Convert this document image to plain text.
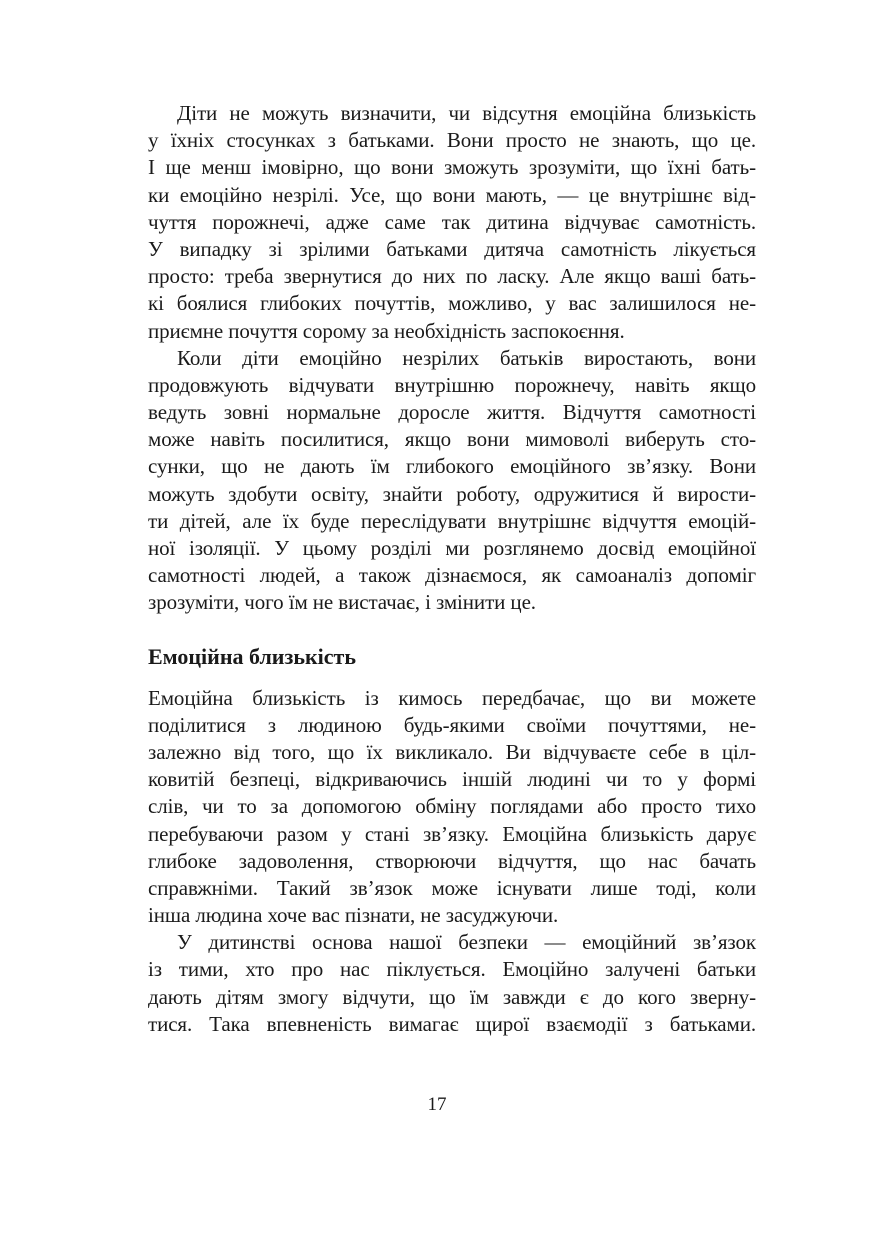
Діти не можуть визначити, чи відсутня емоційна близькість
у їхніх стосунках з батьками. Вони просто не знають, що це.
І ще менш імовірно, що вони зможуть зрозуміти, що їхні бать-
ки емоційно незрілі. Усе, що вони мають, — це внутрішнє від-
чуття порожнечі, адже саме так дитина відчуває самотність.
У випадку зі зрілими батьками дитяча самотність лікується
просто: треба звернутися до них по ласку. Але якщо ваші бать-
кі боялися глибоких почуттів, можливо, у вас залишилося не-
приємне почуття сорому за необхідність заспокоєння.

Коли діти емоційно незрілих батьків виростають, вони
продовжують відчувати внутрішню порожнечу, навіть якщо
ведуть зовні нормальне доросле життя. Відчуття самотності
може навіть посилитися, якщо вони мимоволі виберуть сто-
сунки, що не дають їм глибокого емоційного зв’язку. Вони
можуть здобути освіту, знайти роботу, одружитися й вирости-
ти дітей, але їх буде переслідувати внутрішнє відчуття емоцій-
ної ізоляції. У цьому розділі ми розглянемо досвід емоційної
самотності людей, а також дізнаємося, як самоаналіз допоміг
зрозуміти, чого їм не вистачає, і змінити це.

Емоційна близькість

Емоційна близькість із кимось передбачає, що ви можете
поділитися з людиною будь-якими своїми почуттями, не-
залежно від того, що їх викликало. Ви відчуваєте себе в ціл-
ковитій безпеці, відкриваючись іншій людині чи то у формі
слів, чи то за допомогою обміну поглядами або просто тихо
перебуваючи разом у стані зв’язку. Емоційна близькість дарує
глибоке задоволення, створюючи відчуття, що нас бачать
справжніми. Такий зв’язок може існувати лише тоді, коли
інша людина хоче вас пізнати, не засуджуючи.

У дитинстві основа нашої безпеки — емоційний зв’язок
із тими, хто про нас піклується. Емоційно залучені батьки
дають дітям змогу відчути, що їм завжди є до кого зверну-
тися. Така впевненість вимагає щирої взаємодії з батьками.

17
